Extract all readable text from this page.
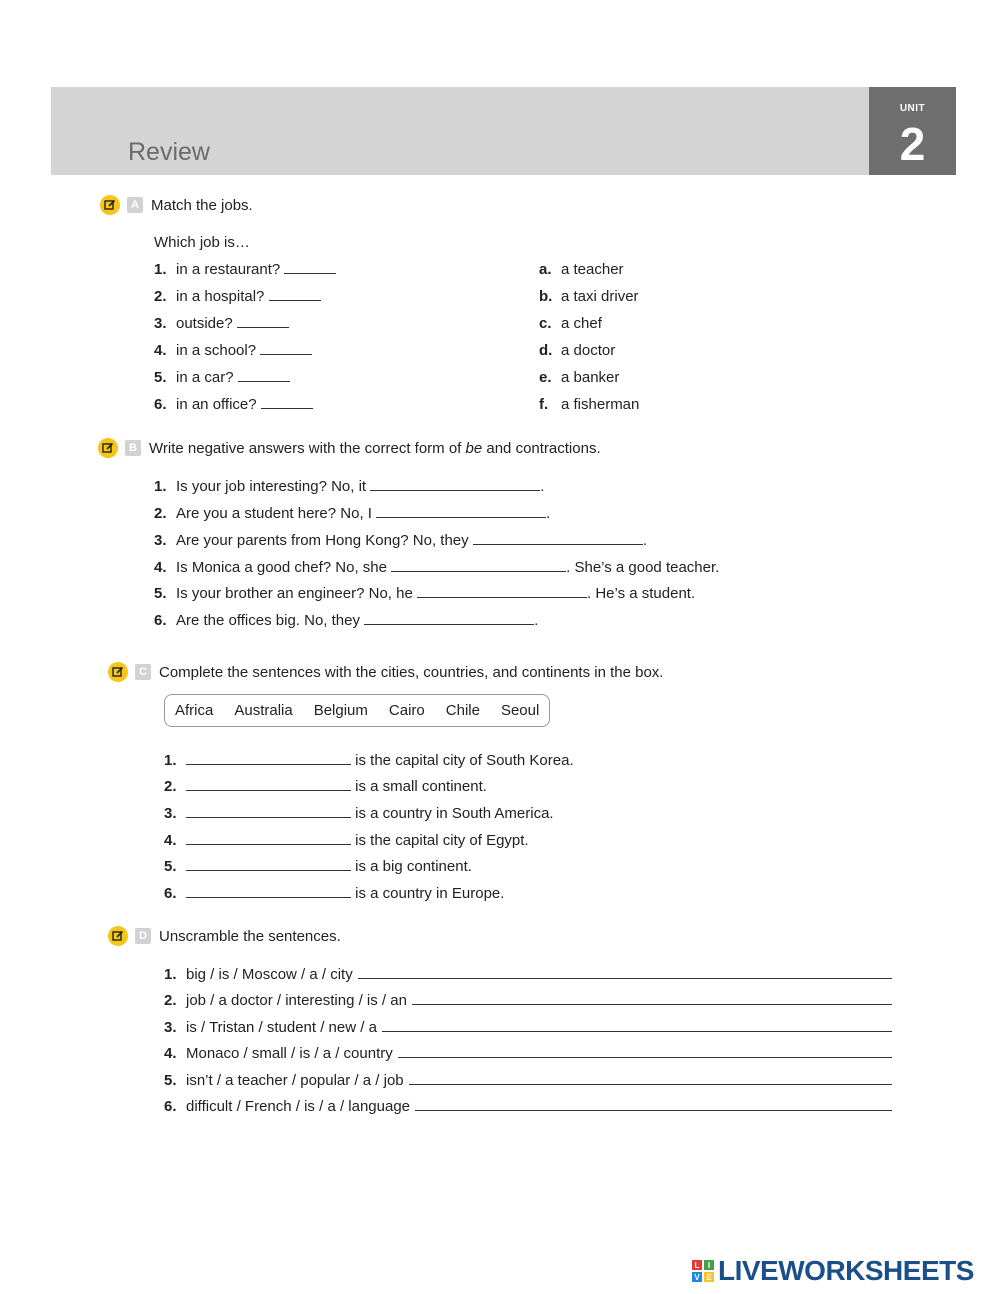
Review
UNIT
2
A Match the jobs.
Which job is…
1. in a restaurant?
2. in a hospital?
3. outside?
4. in a school?
5. in a car?
6. in an office?
a. a teacher
b. a taxi driver
c. a chef
d. a doctor
e. a banker
f. a fisherman
B Write negative answers with the correct form of be and contractions.
1. Is your job interesting? No, it	.
2. Are you a student here? No, I	.
3. Are your parents from Hong Kong? No, they	.
4. Is Monica a good chef? No, she	. She’s a good teacher.
5. Is your brother an engineer? No, he	. He’s a student.
6. Are the offices big. No, they	.
C Complete the sentences with the cities, countries, and continents in the box.
Africa Australia Belgium Cairo Chile Seoul
1.	is the capital city of South Korea.
2.	is a small continent.
3.	is a country in South America.
4.	is the capital city of Egypt.
5.	is a big continent.
6.	is a country in Europe.
D Unscramble the sentences.
1. big / is / Moscow / a / city
2. job / a doctor / interesting / is / an
3. is / Tristan / student / new / a
4. Monaco / small / is / a / country
5. isn’t / a teacher / popular / a / job
6. difficult / French / is / a / language
L	I
V E LIVEWORKSHEETS
